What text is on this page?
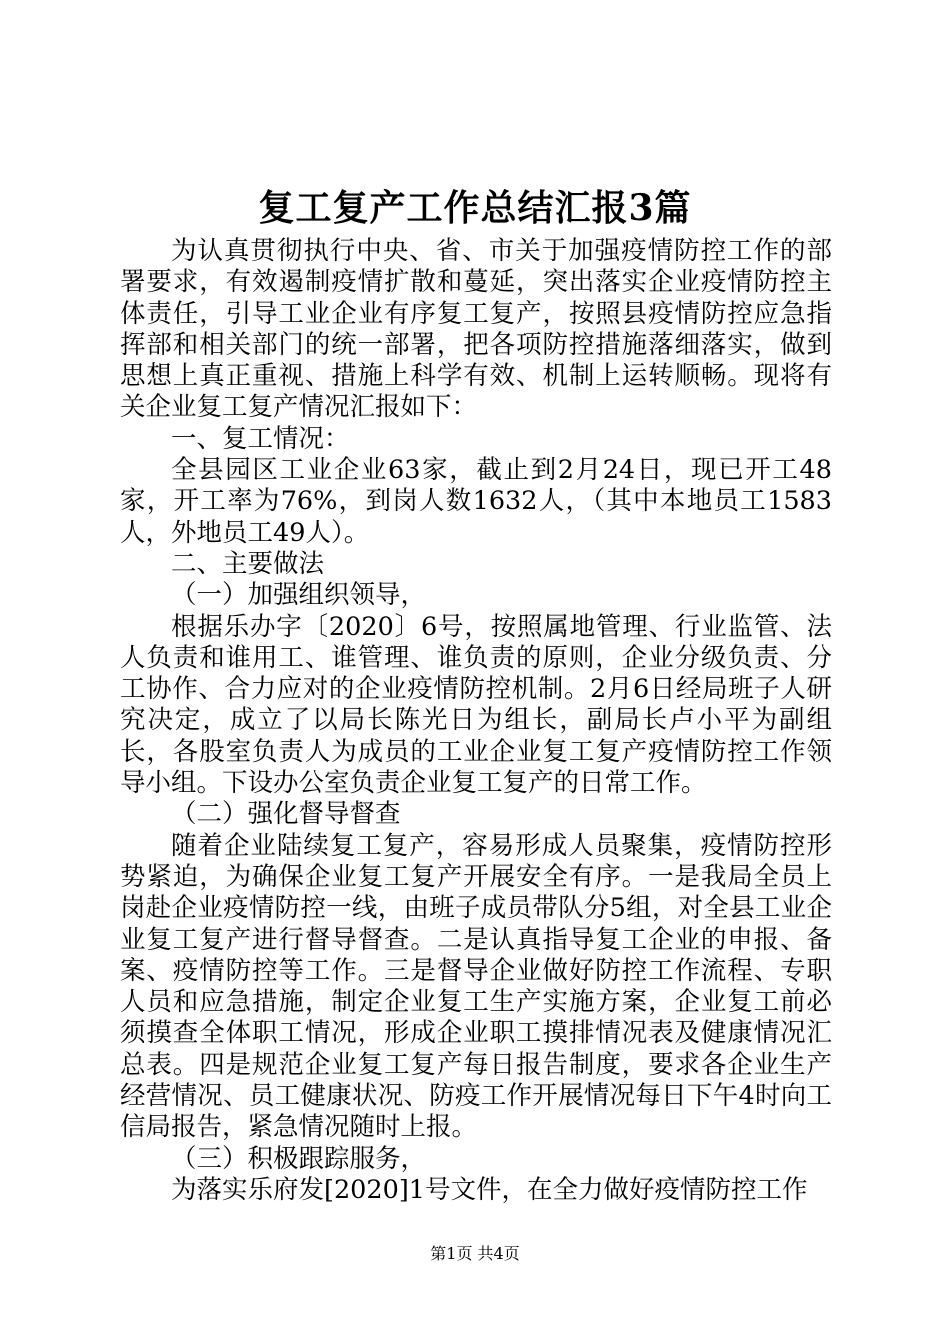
复工复产工作总结汇报3篇

为认真贯彻执行中央、省、市关于加强疫情防控工作的部署要求，有效遏制疫情扩散和蔓延，突出落实企业疫情防控主体责任，引导工业企业有序复工复产，按照县疫情防控应急指挥部和相关部门的统一部署，把各项防控措施落细落实，做到思想上真正重视、措施上科学有效、机制上运转顺畅。现将有关企业复工复产情况汇报如下：

一、复工情况：

全县园区工业企业63家，截止到2月24日，现已开工48家，开工率为76%，到岗人数1632人，（其中本地员工1583人，外地员工49人）。

二、主要做法

（一）加强组织领导，

根据乐办字〔2020〕6号，按照属地管理、行业监管、法人负责和谁用工、谁管理、谁负责的原则，企业分级负责、分工协作、合力应对的企业疫情防控机制。2月6日经局班子人研究决定，成立了以局长陈光日为组长，副局长卢小平为副组长，各股室负责人为成员的工业企业复工复产疫情防控工作领导小组。下设办公室负责企业复工复产的日常工作。

（二）强化督导督查

随着企业陆续复工复产，容易形成人员聚集，疫情防控形势紧迫，为确保企业复工复产开展安全有序。一是我局全员上岗赴企业疫情防控一线，由班子成员带队分5组，对全县工业企业复工复产进行督导督查。二是认真指导复工企业的申报、备案、疫情防控等工作。三是督导企业做好防控工作流程、专职人员和应急措施，制定企业复工生产实施方案，企业复工前必须摸查全体职工情况，形成企业职工摸排情况表及健康情况汇总表。四是规范企业复工复产每日报告制度，要求各企业生产经营情况、员工健康状况、防疫工作开展情况每日下午4时向工信局报告，紧急情况随时上报。

（三）积极跟踪服务，

为落实乐府发[2020]1号文件，在全力做好疫情防控工作

第1页 共4页
